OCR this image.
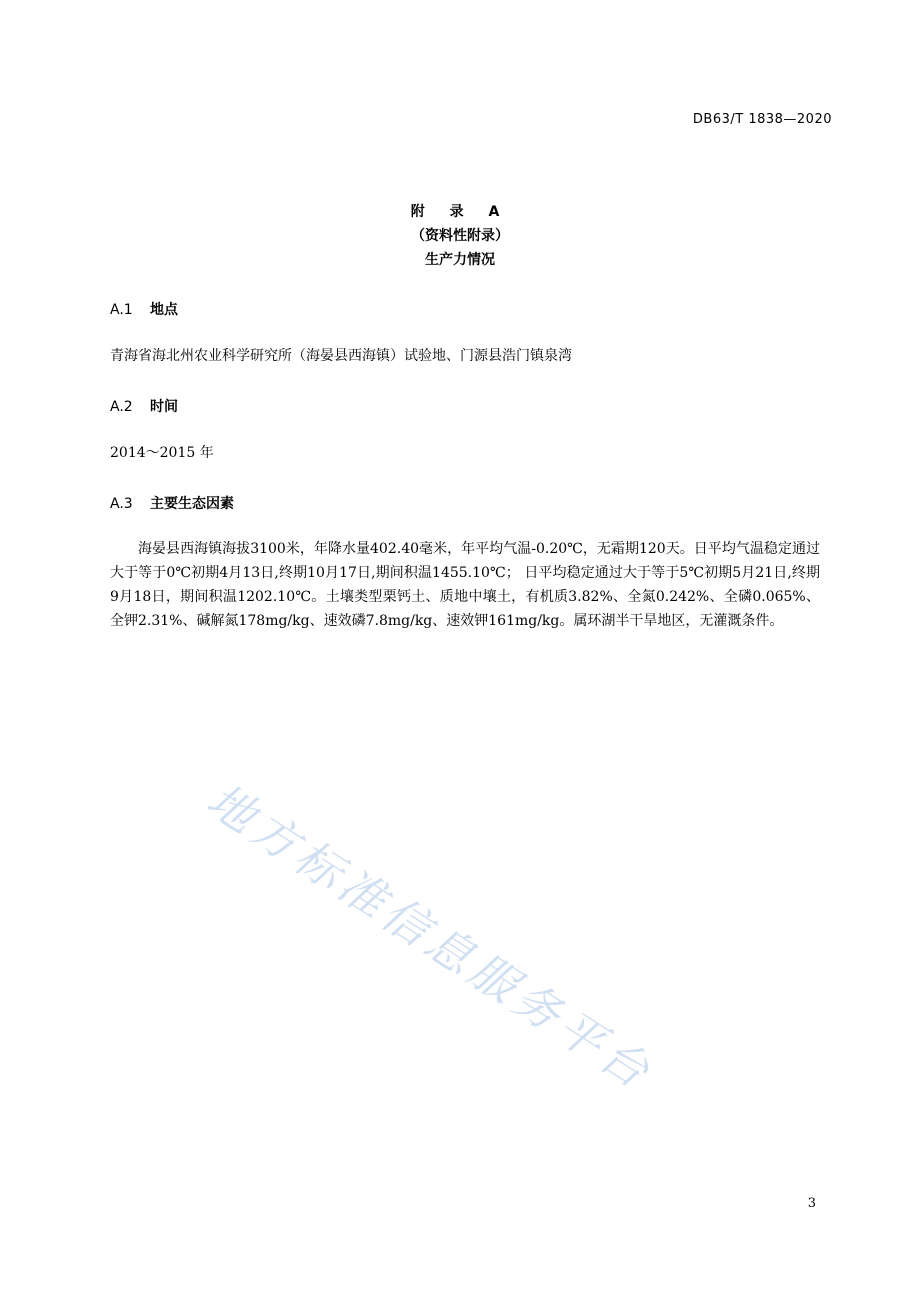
DB63/T 1838—2020
附 录 A
（资料性附录）
生产力情况
A.1 地点
青海省海北州农业科学研究所（海晏县西海镇）试验地、门源县浩门镇泉湾
A.2 时间
2014～2015 年
A.3 主要生态因素
海晏县西海镇海拔3100米，年降水量402.40毫米，年平均气温-0.20℃，无霜期120天。日平均气温稳定通过大于等于0℃初期4月13日,终期10月17日,期间积温1455.10℃； 日平均稳定通过大于等于5℃初期5月21日,终期9月18日，期间积温1202.10℃。土壤类型栗钙土、质地中壤土，有机质3.82%、全氮0.242%、全磷0.065%、全钾2.31%、碱解氮178mg/kg、速效磷7.8mg/kg、速效钾161mg/kg。属环湖半干旱地区，无灌溉条件。
地方标准信息服务平台
3
